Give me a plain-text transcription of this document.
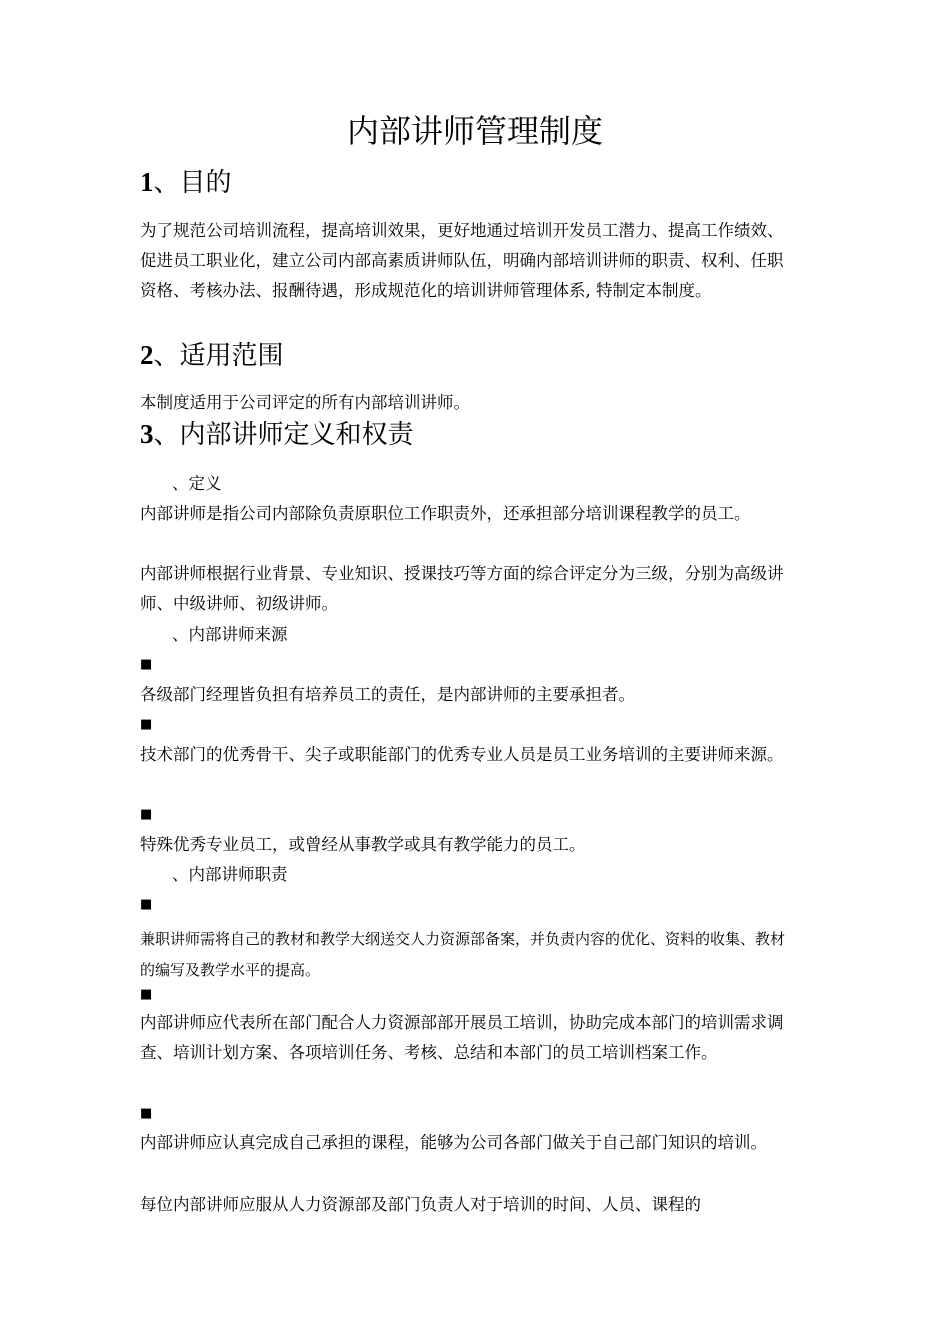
内部讲师管理制度
1、目的

为了规范公司培训流程，提高培训效果，更好地通过培训开发员工潜力、提高工作绩效、促进员工职业化，建立公司内部高素质讲师队伍，明确内部培训讲师的职责、权利、任职资格、考核办法、报酬待遇，形成规范化的培训讲师管理体系, 特制定本制度。

2、适用范围

本制度适用于公司评定的所有内部培训讲师。

3、内部讲师定义和权责

、定义

内部讲师是指公司内部除负责原职位工作职责外，还承担部分培训课程教学的员工。

内部讲师根据行业背景、专业知识、授课技巧等方面的综合评定分为三级，分别为高级讲师、中级讲师、初级讲师。

、内部讲师来源

■

各级部门经理皆负担有培养员工的责任，是内部讲师的主要承担者。

■

技术部门的优秀骨干、尖子或职能部门的优秀专业人员是员工业务培训的主要讲师来源。

■

特殊优秀专业员工，或曾经从事教学或具有教学能力的员工。

、内部讲师职责

■

兼职讲师需将自己的教材和教学大纲送交人力资源部备案，并负责内容的优化、资料的收集、教材的编写及教学水平的提高。

■

内部讲师应代表所在部门配合人力资源部部开展员工培训，协助完成本部门的培训需求调查、培训计划方案、各项培训任务、考核、总结和本部门的员工培训档案工作。

■

内部讲师应认真完成自己承担的课程，能够为公司各部门做关于自己部门知识的培训。

每位内部讲师应服从人力资源部及部门负责人对于培训的时间、人员、课程的
